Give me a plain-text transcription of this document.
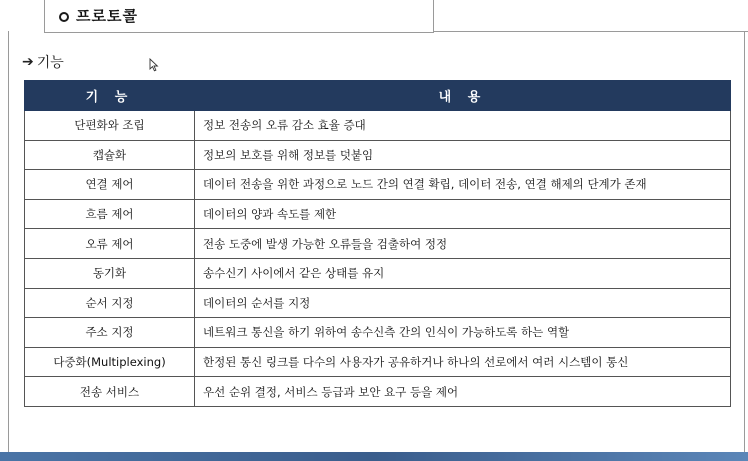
프로토콜
➔ 기능
기 능	내 용
단편화와 조립	정보 전송의 오류 감소 효율 증대
캡슐화	정보의 보호를 위해 정보를 덧붙임
연결 제어	데이터 전송을 위한 과정으로 노드 간의 연결 확립, 데이터 전송, 연결 해제의 단계가 존재
흐름 제어	데이터의 양과 속도를 제한
오류 제어	전송 도중에 발생 가능한 오류들을 검출하여 정정
동기화	송수신기 사이에서 같은 상태를 유지
순서 지정	데이터의 순서를 지정
주소 지정	네트워크 통신을 하기 위하여 송수신측 간의 인식이 가능하도록 하는 역할
다중화(Multiplexing)	한정된 통신 링크를 다수의 사용자가 공유하거나 하나의 선로에서 여러 시스템이 통신
전송 서비스	우선 순위 결정, 서비스 등급과 보안 요구 등을 제어
